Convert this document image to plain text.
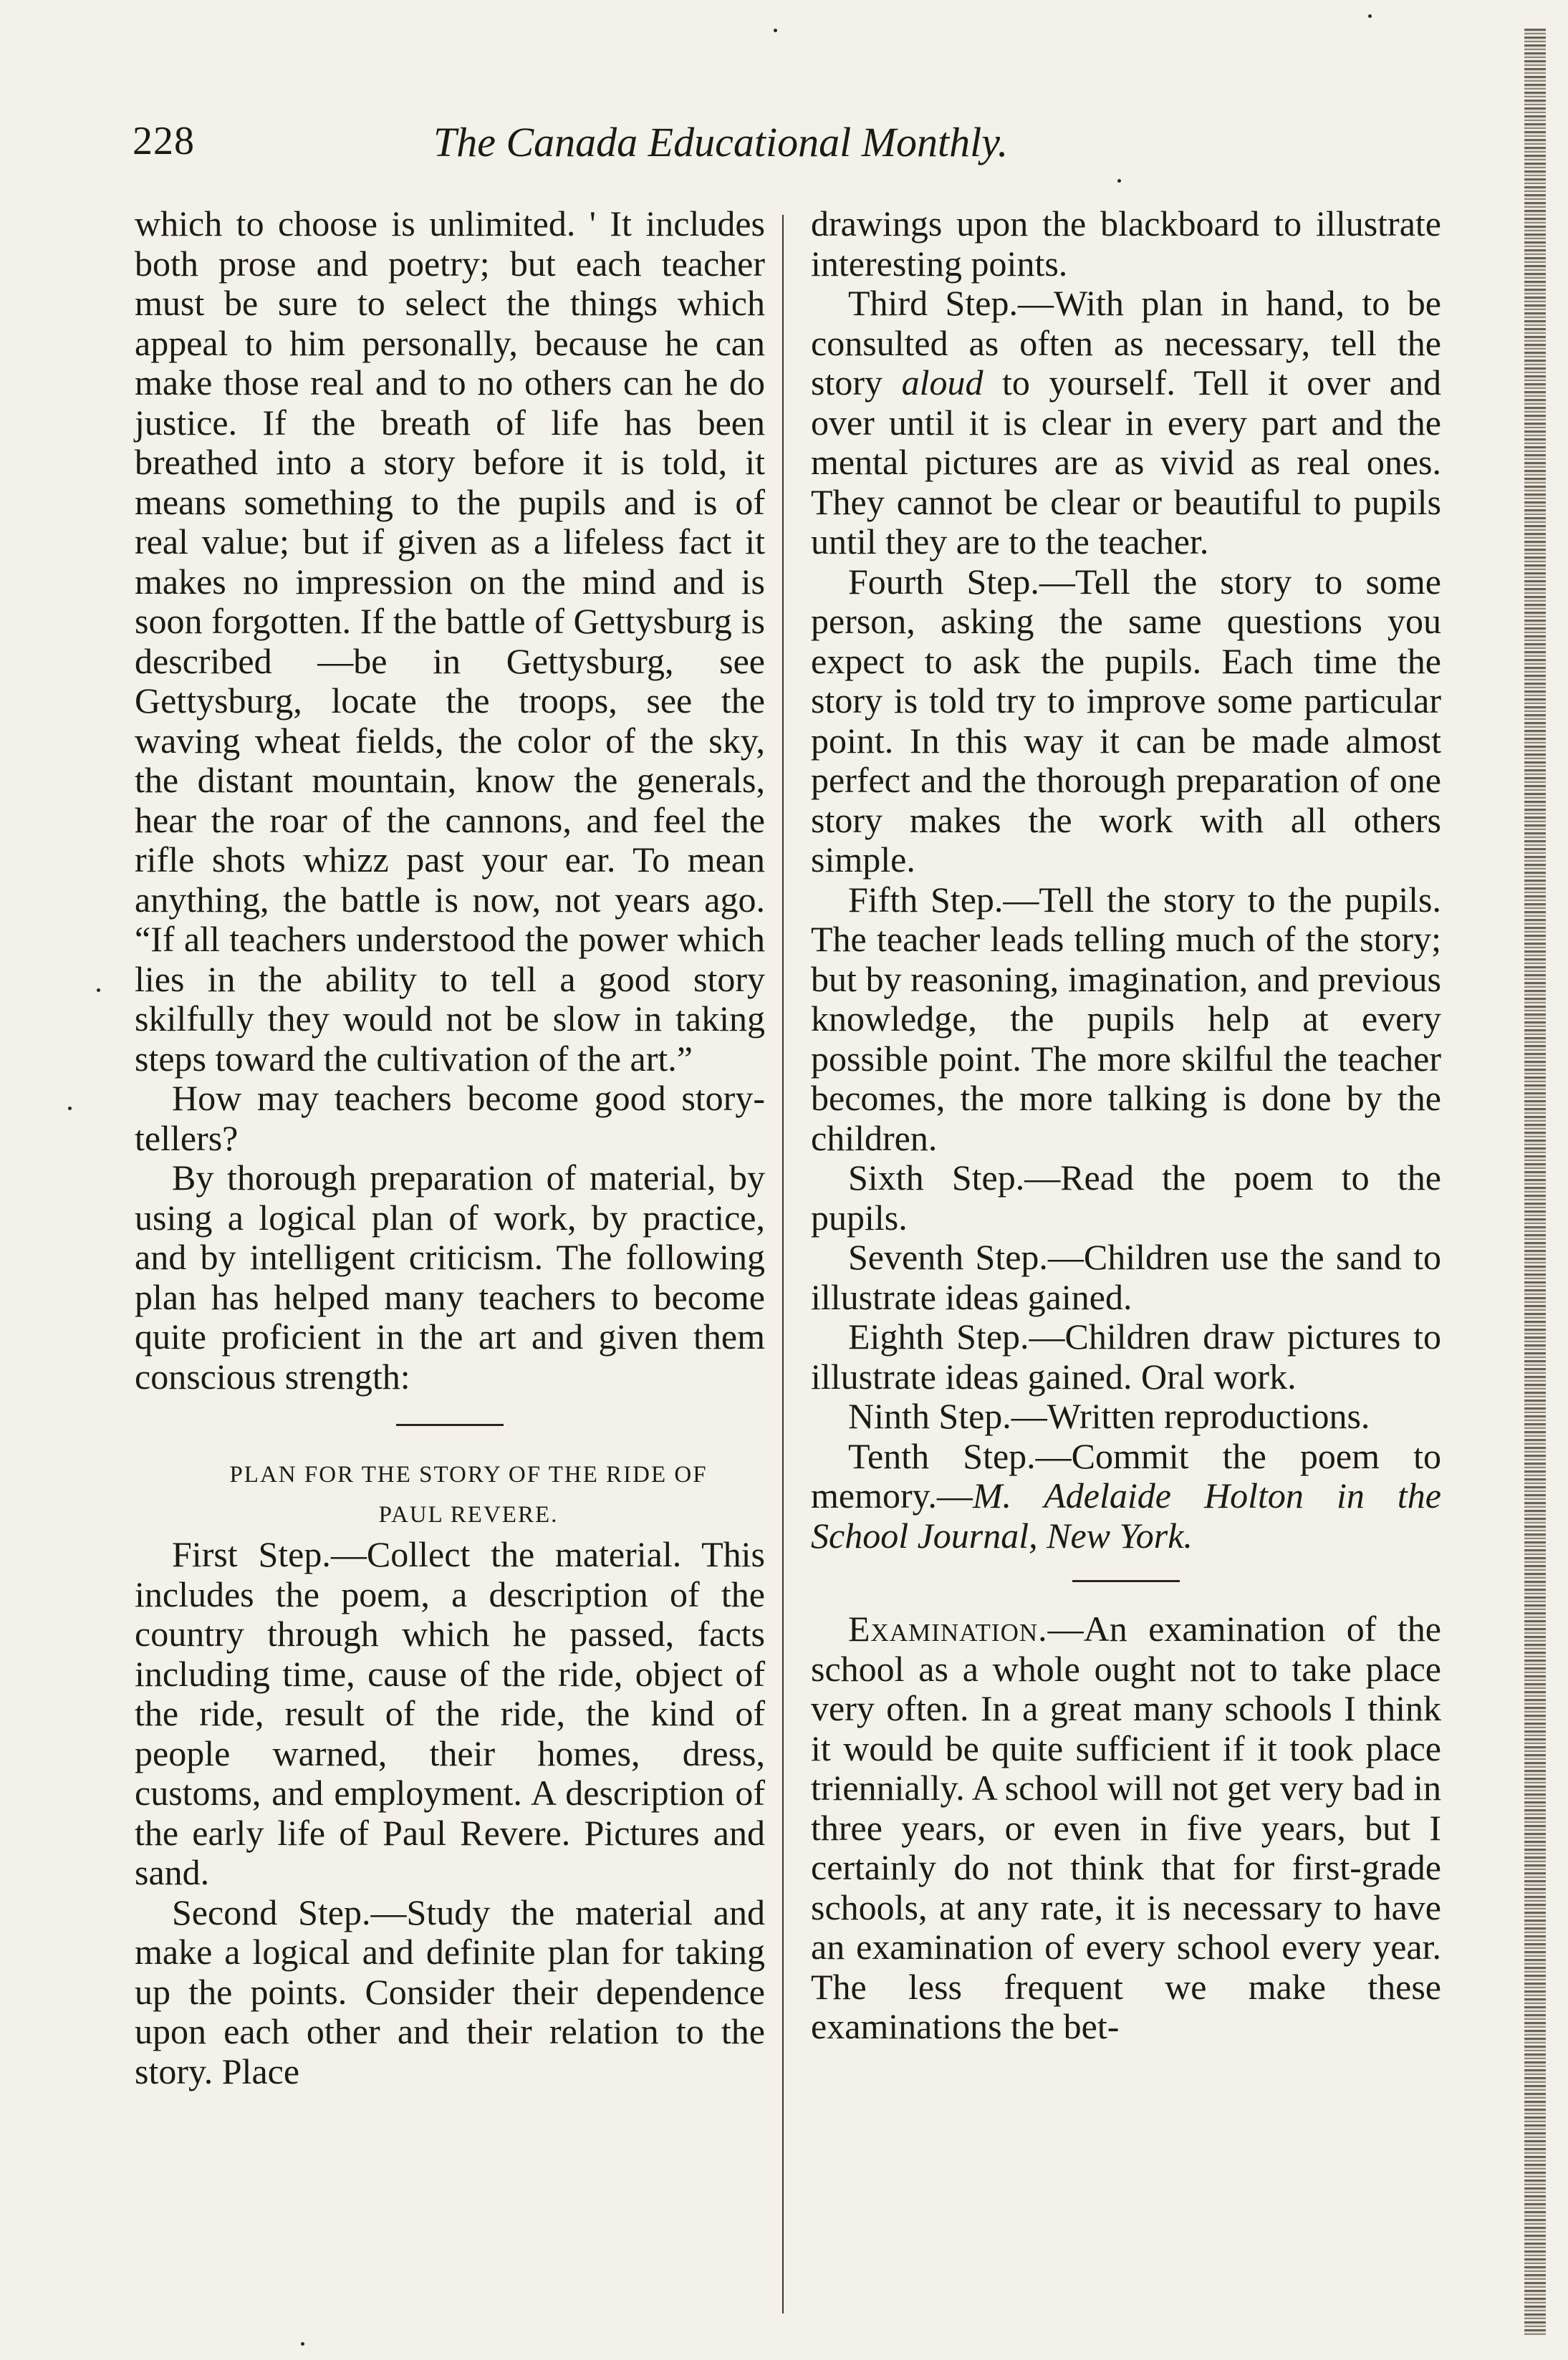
228	The Canada Educational Monthly.

which to choose is unlimited. ' It includes both prose and poetry; but each teacher must be sure to select the things which appeal to him personally, because he can make those real and to no others can he do justice. If the breath of life has been breathed into a story before it is told, it means something to the pupils and is of real value; but if given as a lifeless fact it makes no impression on the mind and is soon forgotten. If the battle of Gettysburg is described —be in Gettysburg, see Gettysburg, locate the troops, see the waving wheat fields, the color of the sky, the distant mountain, know the generals, hear the roar of the cannons, and feel the rifle shots whizz past your ear. To mean anything, the battle is now, not years ago. “If all teachers understood the power which lies in the ability to tell a good story skilfully they would not be slow in taking steps toward the cultivation of the art.”

How may teachers become good story-tellers?

By thorough preparation of material, by using a logical plan of work, by practice, and by intelligent criticism. The following plan has helped many teachers to become quite proficient in the art and given them conscious strength:

PLAN FOR THE STORY OF THE RIDE OF

PAUL REVERE.

First Step.—Collect the material. This includes the poem, a description of the country through which he passed, facts including time, cause of the ride, object of the ride, result of the ride, the kind of people warned, their homes, dress, customs, and employment. A description of the early life of Paul Revere. Pictures and sand.

Second Step.—Study the material and make a logical and definite plan for taking up the points. Consider their dependence upon each other and their relation to the story. Place

drawings upon the blackboard to illustrate interesting points.

Third Step.—With plan in hand, to be consulted as often as necessary, tell the story aloud to yourself. Tell it over and over until it is clear in every part and the mental pictures are as vivid as real ones. They cannot be clear or beautiful to pupils until they are to the teacher.

Fourth Step.—Tell the story to some person, asking the same questions you expect to ask the pupils. Each time the story is told try to improve some particular point. In this way it can be made almost perfect and the thorough preparation of one story makes the work with all others simple.

Fifth Step.—Tell the story to the pupils. The teacher leads telling much of the story; but by reasoning, imagination, and previous knowledge, the pupils help at every possible point. The more skilful the teacher becomes, the more talking is done by the children.

Sixth Step.—Read the poem to the pupils.

Seventh Step.—Children use the sand to illustrate ideas gained.

Eighth Step.—Children draw pictures to illustrate ideas gained. Oral work.

Ninth Step.—Written reproductions.

Tenth Step.—Commit the poem to memory.—M. Adelaide Holton in the School Journal, New York.

Examination.—An examination of the school as a whole ought not to take place very often. In a great many schools I think it would be quite sufficient if it took place triennially. A school will not get very bad in three years, or even in five years, but I certainly do not think that for first-grade schools, at any rate, it is necessary to have an examination of every school every year. The less frequent we make these examinations the bet-
